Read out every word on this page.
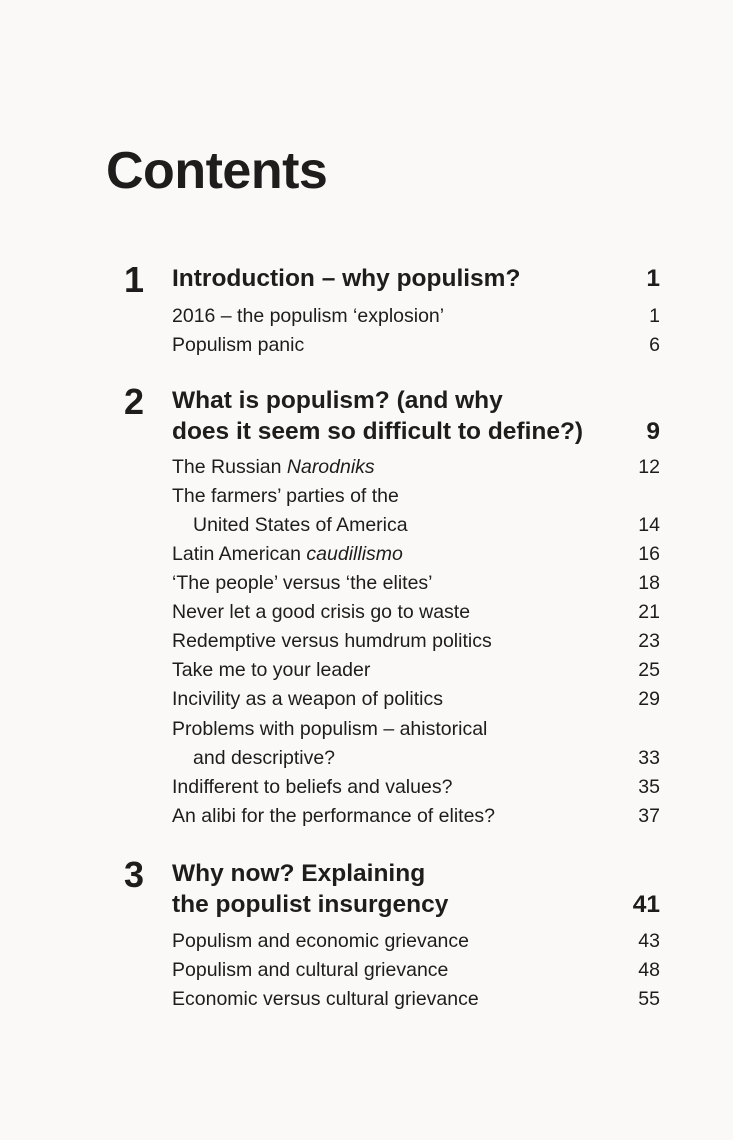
Contents
1 Introduction – why populism?	1
2016 – the populism ‘explosion’	1
Populism panic	6
2 What is populism? (and why
does it seem so difficult to define?)	9
The Russian Narodniks	12
The farmers’ parties of the
United States of America	14
Latin American caudillismo	16
‘The people’ versus ‘the elites’	18
Never let a good crisis go to waste	21
Redemptive versus humdrum politics	23
Take me to your leader	25
Incivility as a weapon of politics	29
Problems with populism – ahistorical
and descriptive?	33
Indifferent to beliefs and values?	35
An alibi for the performance of elites?	37
3 Why now? Explaining
the populist insurgency	41
Populism and economic grievance	43
Populism and cultural grievance	48
Economic versus cultural grievance	55
